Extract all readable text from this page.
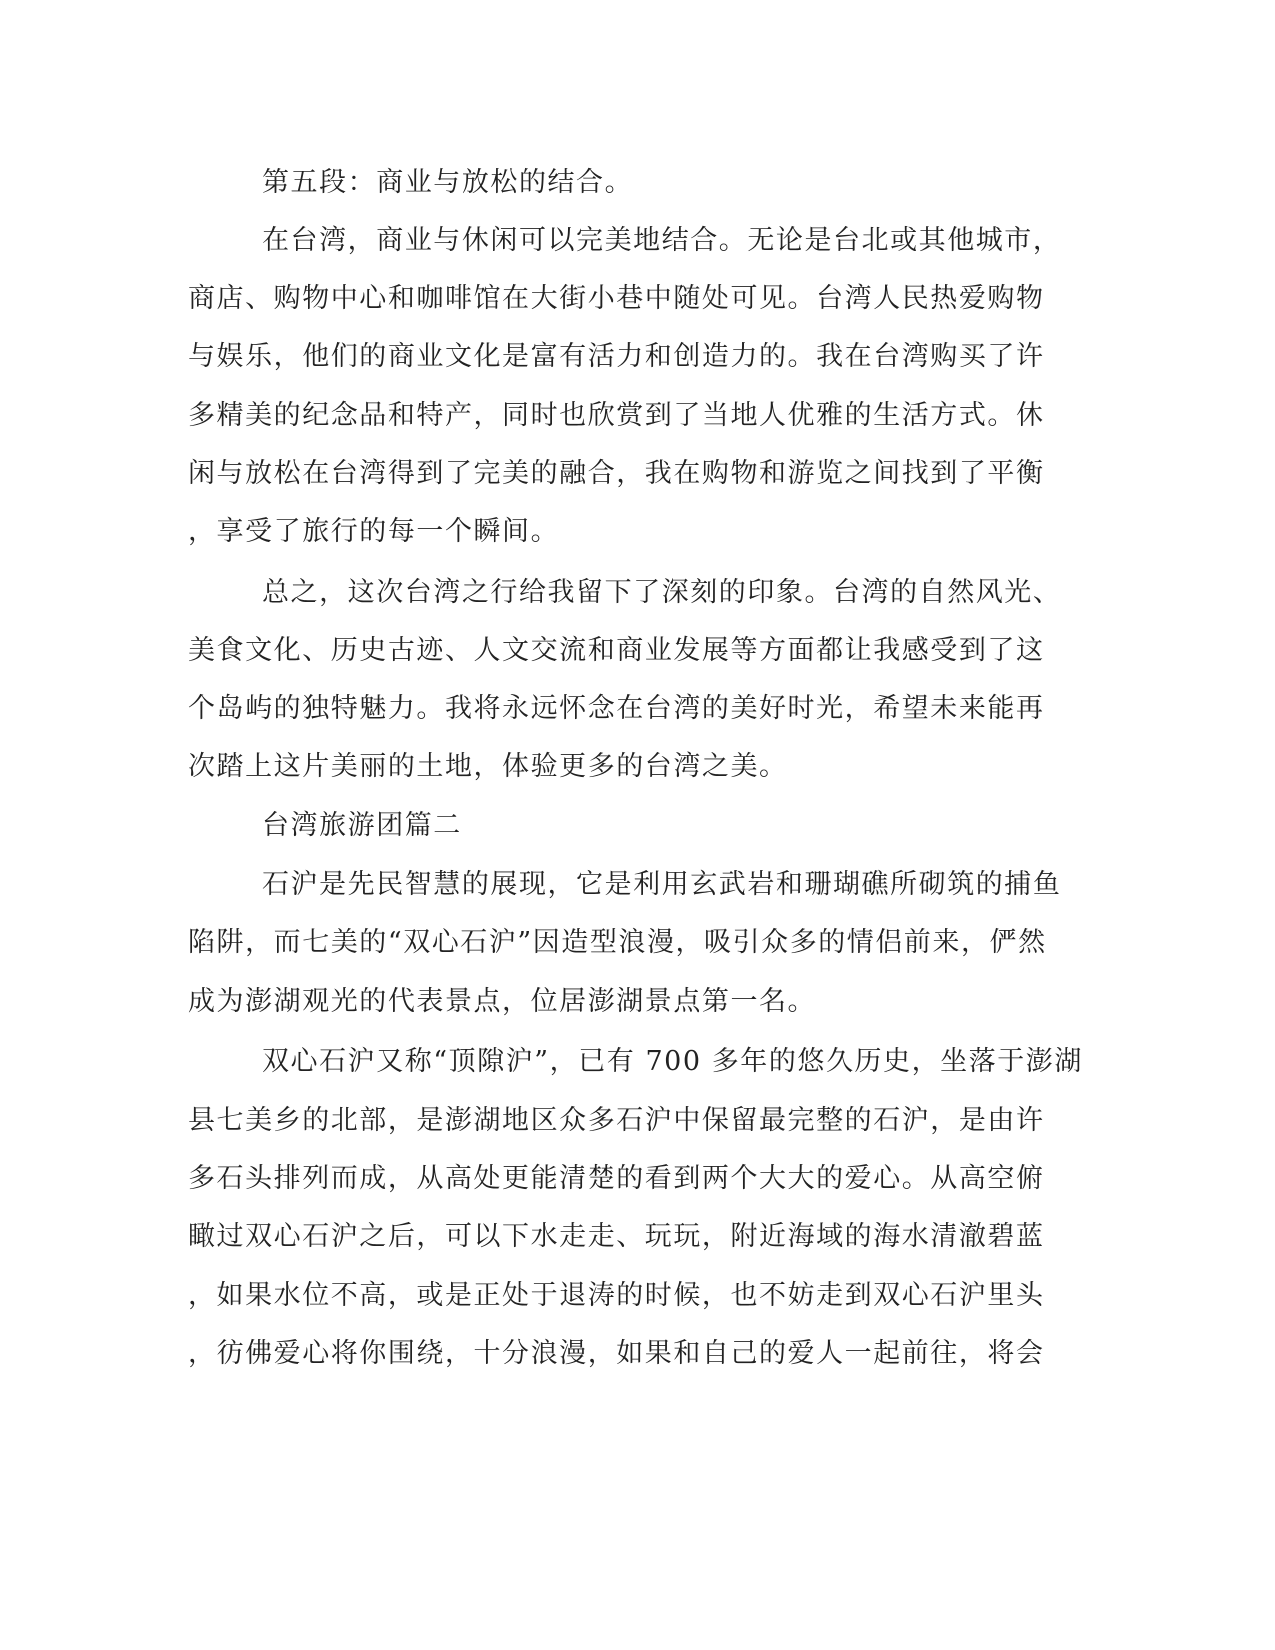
第五段：商业与放松的结合。

在台湾，商业与休闲可以完美地结合。无论是台北或其他城市，

商店、购物中心和咖啡馆在大街小巷中随处可见。台湾人民热爱购物

与娱乐，他们的商业文化是富有活力和创造力的。我在台湾购买了许

多精美的纪念品和特产，同时也欣赏到了当地人优雅的生活方式。休

闲与放松在台湾得到了完美的融合，我在购物和游览之间找到了平衡

，享受了旅行的每一个瞬间。

总之，这次台湾之行给我留下了深刻的印象。台湾的自然风光、

美食文化、历史古迹、人文交流和商业发展等方面都让我感受到了这

个岛屿的独特魅力。我将永远怀念在台湾的美好时光，希望未来能再

次踏上这片美丽的土地，体验更多的台湾之美。

台湾旅游团篇二

石沪是先民智慧的展现，它是利用玄武岩和珊瑚礁所砌筑的捕鱼

陷阱，而七美的“双心石沪”因造型浪漫，吸引众多的情侣前来，俨然

成为澎湖观光的代表景点，位居澎湖景点第一名。

双心石沪又称“顶隙沪”，已有 700 多年的悠久历史，坐落于澎湖

县七美乡的北部，是澎湖地区众多石沪中保留最完整的石沪，是由许

多石头排列而成，从高处更能清楚的看到两个大大的爱心。从高空俯

瞰过双心石沪之后，可以下水走走、玩玩，附近海域的海水清澈碧蓝

，如果水位不高，或是正处于退涛的时候，也不妨走到双心石沪里头

，彷佛爱心将你围绕，十分浪漫，如果和自己的爱人一起前往，将会
